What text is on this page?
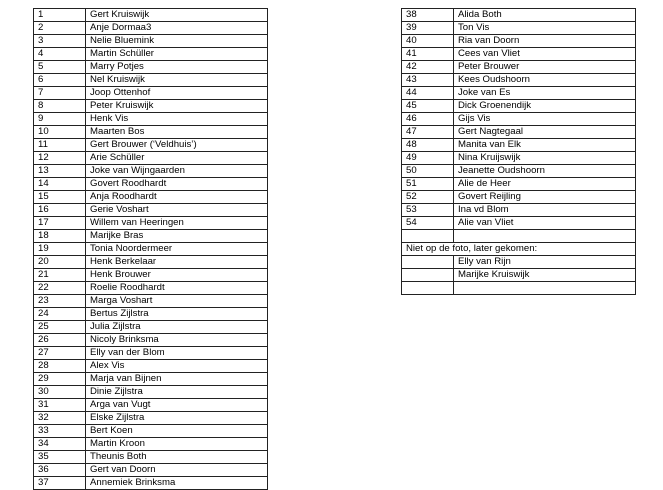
1	Gert Kruiswijk
2	Anje Dormaa3
3	Nelie Bluemink
4	Martin Schüller
5	Marry Potjes
6	Nel Kruiswijk
7	Joop Ottenhof
8	Peter Kruiswijk
9	Henk Vis
10	Maarten Bos
11	Gert Brouwer (‘Veldhuis’)
12	Arie Schüller
13	Joke van Wijngaarden
14	Govert Roodhardt
15	Anja Roodhardt
16	Gerie Voshart
17	Willem van Heeringen
18	Marijke Bras
19	Tonia Noordermeer
20	Henk Berkelaar
21	Henk Brouwer
22	Roelie Roodhardt
23	Marga Voshart
24	Bertus Zijlstra
25	Julia Zijlstra
26	Nicoly Brinksma
27	Elly van der Blom
28	Alex Vis
29	Marja van Bijnen
30	Dinie Zijlstra
31	Arga van Vugt
32	Elske Zijlstra
33	Bert Koen
34	Martin Kroon
35	Theunis Both
36	Gert van Doorn
37	Annemiek Brinksma
38	Alida Both
39	Ton Vis
40	Ria van Doorn
41	Cees van Vliet
42	Peter Brouwer
43	Kees Oudshoorn
44	Joke van Es
45	Dick Groenendijk
46	Gijs Vis
47	Gert Nagtegaal
48	Manita van Elk
49	Nina Kruijswijk
50	Jeanette Oudshoorn
51	Alie de Heer
52	Govert Reijling
53	Ina vd Blom
54	Alie van Vliet

Niet op de foto, later gekomen:	
	Elly van Rijn
	Marijke Kruiswijk
